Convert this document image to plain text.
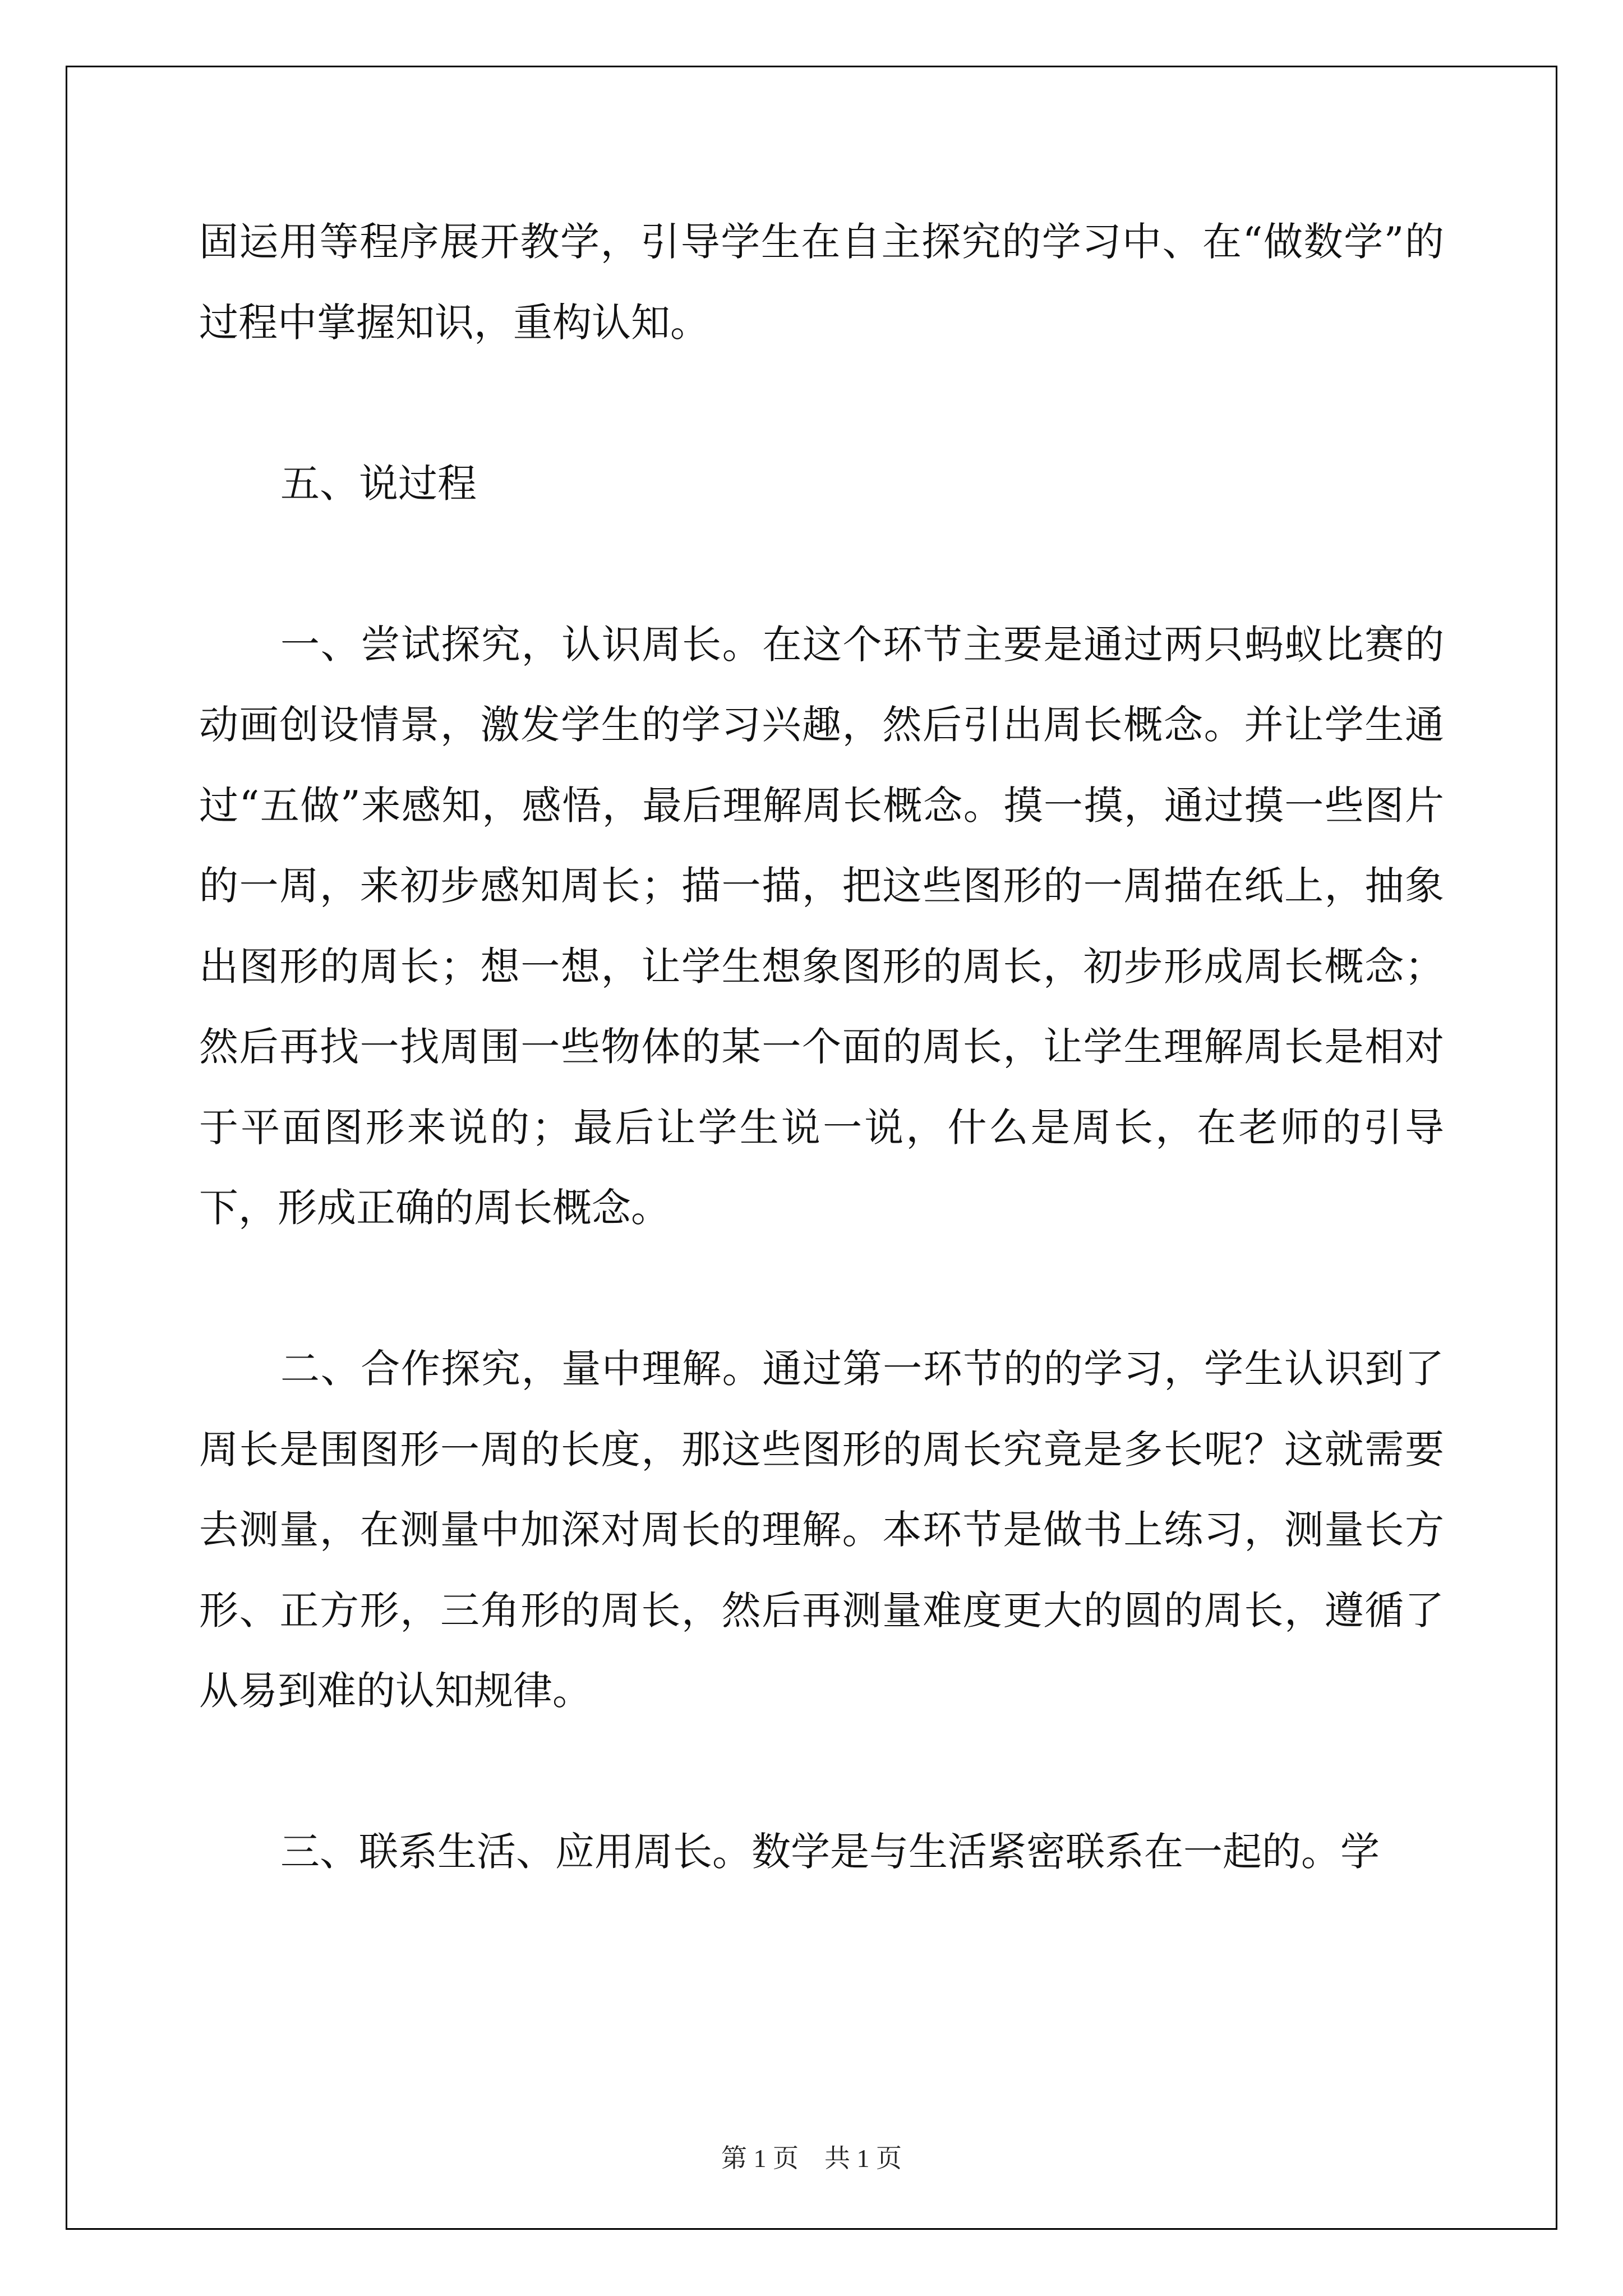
固运用等程序展开教学，引导学生在自主探究的学习中、在“做数学”的过程中掌握知识，重构认知。

五、说过程

一、尝试探究，认识周长。在这个环节主要是通过两只蚂蚁比赛的动画创设情景，激发学生的学习兴趣，然后引出周长概念。并让学生通过“五做”来感知，感悟，最后理解周长概念。摸一摸，通过摸一些图片的一周，来初步感知周长；描一描，把这些图形的一周描在纸上，抽象出图形的周长；想一想，让学生想象图形的周长，初步形成周长概念；然后再找一找周围一些物体的某一个面的周长，让学生理解周长是相对于平面图形来说的；最后让学生说一说，什么是周长，在老师的引导下，形成正确的周长概念。

二、合作探究，量中理解。通过第一环节的的学习，学生认识到了周长是围图形一周的长度，那这些图形的周长究竟是多长呢？这就需要去测量，在测量中加深对周长的理解。本环节是做书上练习，测量长方形、正方形，三角形的周长，然后再测量难度更大的圆的周长，遵循了从易到难的认知规律。

三、联系生活、应用周长。数学是与生活紧密联系在一起的。学

第 1 页    共 1 页
